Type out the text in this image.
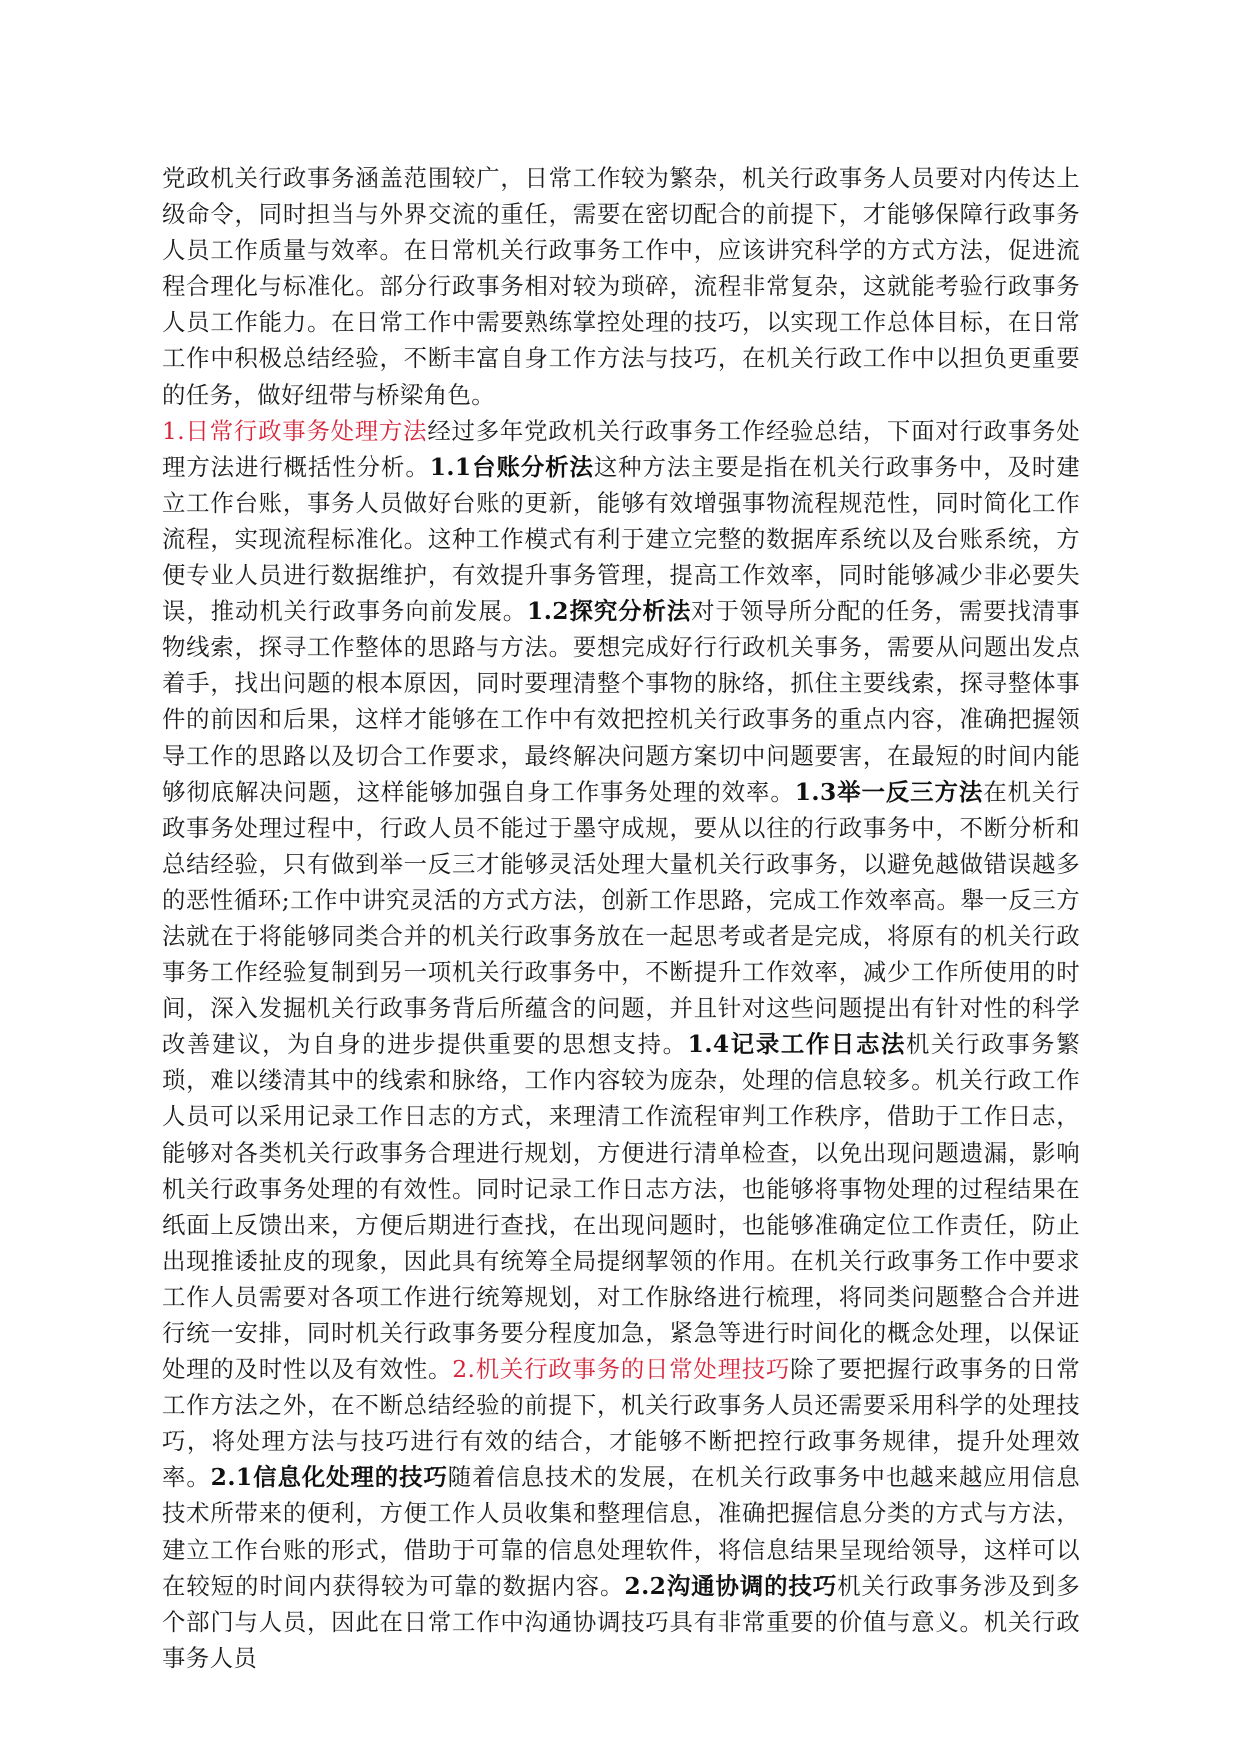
党政机关行政事务涵盖范围较广，日常工作较为繁杂，机关行政事务人员要对内传达上级命令，同时担当与外界交流的重任，需要在密切配合的前提下，才能够保障行政事务人员工作质量与效率。在日常机关行政事务工作中，应该讲究科学的方式方法，促进流程合理化与标准化。部分行政事务相对较为琐碎，流程非常复杂，这就能考验行政事务人员工作能力。在日常工作中需要熟练掌控处理的技巧，以实现工作总体目标，在日常工作中积极总结经验，不断丰富自身工作方法与技巧，在机关行政工作中以担负更重要的任务，做好纽带与桥梁角色。

1.日常行政事务处理方法经过多年党政机关行政事务工作经验总结，下面对行政事务处理方法进行概括性分析。1.1台账分析法这种方法主要是指在机关行政事务中，及时建立工作台账，事务人员做好台账的更新，能够有效增强事物流程规范性，同时简化工作流程，实现流程标准化。这种工作模式有利于建立完整的数据库系统以及台账系统，方便专业人员进行数据维护，有效提升事务管理，提高工作效率，同时能够减少非必要失误，推动机关行政事务向前发展。1.2探究分析法对于领导所分配的任务，需要找清事物线索，探寻工作整体的思路与方法。要想完成好行行政机关事务，需要从问题出发点着手，找出问题的根本原因，同时要理清整个事物的脉络，抓住主要线索，探寻整体事件的前因和后果，这样才能够在工作中有效把控机关行政事务的重点内容，准确把握领导工作的思路以及切合工作要求，最终解决问题方案切中问题要害，在最短的时间内能够彻底解决问题，这样能够加强自身工作事务处理的效率。1.3举一反三方法在机关行政事务处理过程中，行政人员不能过于墨守成规，要从以往的行政事务中，不断分析和总结经验，只有做到举一反三才能够灵活处理大量机关行政事务，以避免越做错误越多的恶性循环;工作中讲究灵活的方式方法，创新工作思路，完成工作效率高。舉一反三方法就在于将能够同类合并的机关行政事务放在一起思考或者是完成，将原有的机关行政事务工作经验复制到另一项机关行政事务中，不断提升工作效率，减少工作所使用的时间，深入发掘机关行政事务背后所蕴含的问题，并且针对这些问题提出有针对性的科学改善建议，为自身的进步提供重要的思想支持。1.4记录工作日志法机关行政事务繁琐，难以缕清其中的线索和脉络，工作内容较为庞杂，处理的信息较多。机关行政工作人员可以采用记录工作日志的方式，来理清工作流程审判工作秩序，借助于工作日志，能够对各类机关行政事务合理进行规划，方便进行清单检查，以免出现问题遗漏，影响机关行政事务处理的有效性。同时记录工作日志方法，也能够将事物处理的过程结果在纸面上反馈出来，方便后期进行查找，在出现问题时，也能够准确定位工作责任，防止出现推诿扯皮的现象，因此具有统筹全局提纲挈领的作用。在机关行政事务工作中要求工作人员需要对各项工作进行统筹规划，对工作脉络进行梳理，将同类问题整合合并进行统一安排，同时机关行政事务要分程度加急，紧急等进行时间化的概念处理，以保证处理的及时性以及有效性。2.机关行政事务的日常处理技巧除了要把握行政事务的日常工作方法之外，在不断总结经验的前提下，机关行政事务人员还需要采用科学的处理技巧，将处理方法与技巧进行有效的结合，才能够不断把控行政事务规律，提升处理效率。2.1信息化处理的技巧随着信息技术的发展，在机关行政事务中也越来越应用信息技术所带来的便利，方便工作人员收集和整理信息，准确把握信息分类的方式与方法，建立工作台账的形式，借助于可靠的信息处理软件，将信息结果呈现给领导，这样可以在较短的时间内获得较为可靠的数据内容。2.2沟通协调的技巧机关行政事务涉及到多个部门与人员，因此在日常工作中沟通协调技巧具有非常重要的价值与意义。机关行政事务人员
